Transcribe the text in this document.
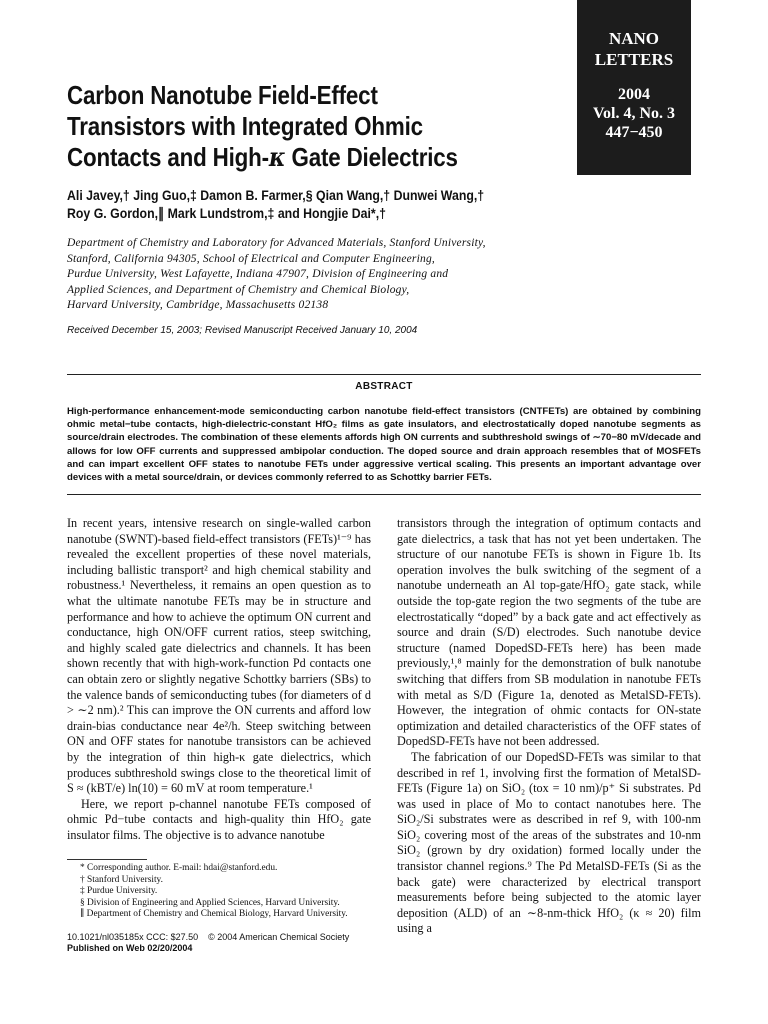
NANO
LETTERS
2004
Vol. 4, No. 3
447−450
Carbon Nanotube Field-Effect
Transistors with Integrated Ohmic
Contacts and High-κ Gate Dielectrics
Ali Javey,† Jing Guo,‡ Damon B. Farmer,§ Qian Wang,† Dunwei Wang,†
Roy G. Gordon,∥ Mark Lundstrom,‡ and Hongjie Dai*,†
Department of Chemistry and Laboratory for Advanced Materials, Stanford University,
Stanford, California 94305, School of Electrical and Computer Engineering,
Purdue University, West Lafayette, Indiana 47907, Division of Engineering and
Applied Sciences, and Department of Chemistry and Chemical Biology,
Harvard University, Cambridge, Massachusetts 02138
Received December 15, 2003; Revised Manuscript Received January 10, 2004
ABSTRACT
High-performance enhancement-mode semiconducting carbon nanotube field-effect transistors (CNTFETs) are obtained by combining ohmic metal−tube contacts, high-dielectric-constant HfO₂ films as gate insulators, and electrostatically doped nanotube segments as source/drain electrodes. The combination of these elements affords high ON currents and subthreshold swings of ∼70−80 mV/decade and allows for low OFF currents and suppressed ambipolar conduction. The doped source and drain approach resembles that of MOSFETs and can impart excellent OFF states to nanotube FETs under aggressive vertical scaling. This presents an important advantage over devices with a metal source/drain, or devices commonly referred to as Schottky barrier FETs.

In recent years, intensive research on single-walled carbon nanotube (SWNT)-based field-effect transistors (FETs)¹⁻⁹ has revealed the excellent properties of these novel materials, including ballistic transport² and high chemical stability and robustness.¹ Nevertheless, it remains an open question as to what the ultimate nanotube FETs may be in structure and performance and how to achieve the optimum ON current and conductance, high ON/OFF current ratios, steep switching, and highly scaled gate dielectrics and channels. It has been shown recently that with high-work-function Pd contacts one can obtain zero or slightly negative Schottky barriers (SBs) to the valence bands of semiconducting tubes (for diameters of d > ∼2 nm).² This can improve the ON currents and afford low drain-bias conductance near 4e²/h. Steep switching between ON and OFF states for nanotube transistors can be achieved by the integration of thin high-κ gate dielectrics, which produces subthreshold swings close to the theoretical limit of S ≈ (kBT/e) ln(10) = 60 mV at room temperature.¹

Here, we report p-channel nanotube FETs composed of ohmic Pd−tube contacts and high-quality thin HfO₂ gate insulator films. The objective is to advance nanotube

transistors through the integration of optimum contacts and gate dielectrics, a task that has not yet been undertaken. The structure of our nanotube FETs is shown in Figure 1b. Its operation involves the bulk switching of the segment of a nanotube underneath an Al top-gate/HfO₂ gate stack, while outside the top-gate region the two segments of the tube are electrostatically “doped” by a back gate and act effectively as source and drain (S/D) electrodes. Such nanotube device structure (named DopedSD-FETs here) has been made previously,¹,⁸ mainly for the demonstration of bulk nanotube switching that differs from SB modulation in nanotube FETs with metal as S/D (Figure 1a, denoted as MetalSD-FETs). However, the integration of ohmic contacts for ON-state optimization and detailed characteristics of the OFF states of DopedSD-FETs have not been addressed.

The fabrication of our DopedSD-FETs was similar to that described in ref 1, involving first the formation of MetalSD-FETs (Figure 1a) on SiO₂ (tox = 10 nm)/p⁺ Si substrates. Pd was used in place of Mo to contact nanotubes here. The SiO₂/Si substrates were as described in ref 9, with 100-nm SiO₂ covering most of the areas of the substrates and 10-nm SiO₂ (grown by dry oxidation) formed locally under the transistor channel regions.⁹ The Pd MetalSD-FETs (Si as the back gate) were characterized by electrical transport measurements before being subjected to the atomic layer deposition (ALD) of an ∼8-nm-thick HfO₂ (κ ≈ 20) film using a

* Corresponding author. E-mail: hdai@stanford.edu.
† Stanford University.
‡ Purdue University.
§ Division of Engineering and Applied Sciences, Harvard University.
∥ Department of Chemistry and Chemical Biology, Harvard University.
10.1021/nl035185x CCC: $27.50    © 2004 American Chemical Society
Published on Web 02/20/2004
